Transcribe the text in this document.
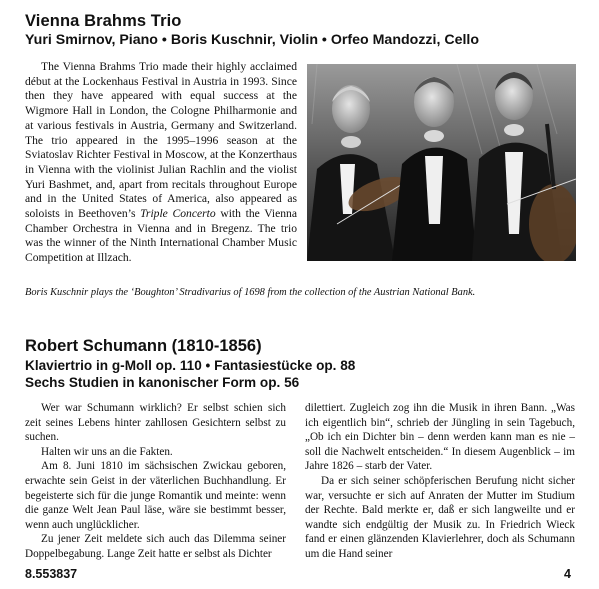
Vienna Brahms Trio
Yuri Smirnov, Piano • Boris Kuschnir, Violin • Orfeo Mandozzi, Cello

The Vienna Brahms Trio made their highly acclaimed début at the Lockenhaus Festival in Austria in 1993. Since then they have appeared with equal success at the Wigmore Hall in London, the Cologne Philharmonie and at various festivals in Austria, Germany and Switzerland. The trio appeared in the 1995–1996 season at the Sviatoslav Richter Festival in Moscow, at the Konzerthaus in Vienna with the violinist Julian Rachlin and the violist Yuri Bashmet, and, apart from recitals throughout Europe and in the United States of America, also appeared as soloists in Beethoven’s Triple Concerto with the Vienna Chamber Orchestra in Vienna and in Bregenz. The trio was the winner of the Ninth International Chamber Music Competition at Illzach.

Boris Kuschnir plays the ‘Boughton’ Stradivarius of 1698 from the collection of the Austrian National Bank.
Robert Schumann (1810-1856)
Klaviertrio in g-Moll op. 110 • Fantasiestücke op. 88
Sechs Studien in kanonischer Form op. 56

Wer war Schumann wirklich? Er selbst schien sich zeit seines Lebens hinter zahllosen Gesichtern selbst zu suchen.

Halten wir uns an die Fakten.

Am 8. Juni 1810 im sächsischen Zwickau geboren, erwachte sein Geist in der väterlichen Buchhandlung. Er begeisterte sich für die junge Romantik und meinte: wenn die ganze Welt Jean Paul läse, wäre sie bestimmt besser, wenn auch unglücklicher.

Zu jener Zeit meldete sich auch das Dilemma seiner Doppelbegabung. Lange Zeit hatte er selbst als Dichter

dilettiert. Zugleich zog ihn die Musik in ihren Bann. „Was ich eigentlich bin“, schrieb der Jüngling in sein Tagebuch, „Ob ich ein Dichter bin – denn werden kann man es nie – soll die Nachwelt entscheiden.“ In diesem Augenblick – im Jahre 1826 – starb der Vater.

Da er sich seiner schöpferischen Berufung nicht sicher war, versuchte er sich auf Anraten der Mutter im Studium der Rechte. Bald merkte er, daß er sich langweilte und er wandte sich endgültig der Musik zu. In Friedrich Wieck fand er einen glänzenden Klavierlehrer, doch als Schumann um die Hand seiner

8.553837	4
